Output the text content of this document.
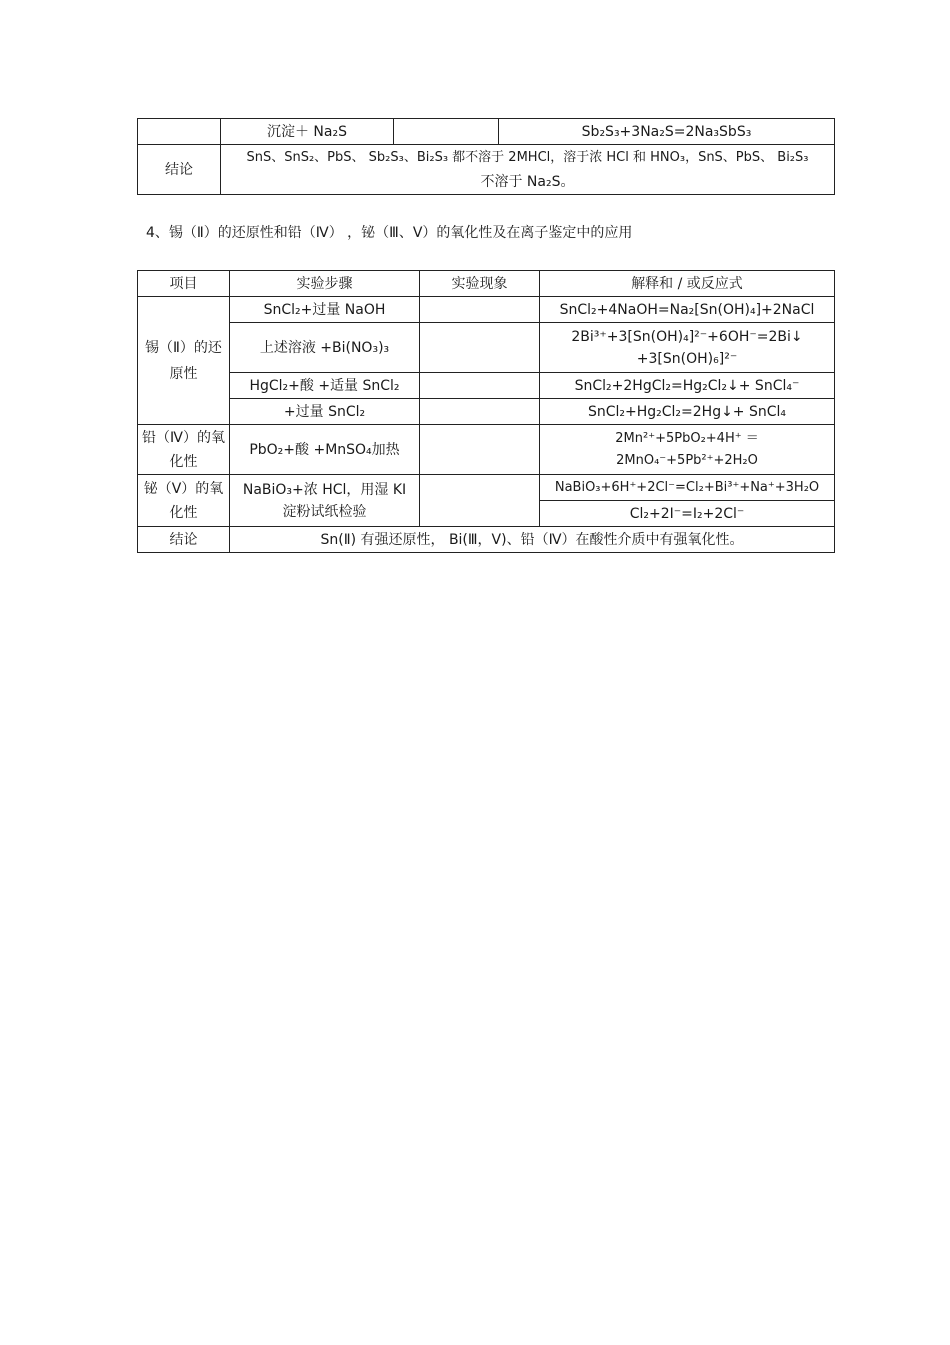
	沉淀＋ Na₂S		Sb₂S₃+3Na₂S=2Na₃SbS₃
结论	SnS、SnS₂、PbS、 Sb₂S₃、Bi₂S₃ 都不溶于 2MHCl，溶于浓 HCl 和 HNO₃，SnS、PbS、 Bi₂S₃
不溶于 Na₂S。		
4、锡（Ⅱ）的还原性和铅（Ⅳ） ，铋（Ⅲ、Ⅴ）的氧化性及在离子鉴定中的应用
项目	实验步骤	实验现象	解释和 / 或反应式
锡（Ⅱ）的还原性	SnCl₂+过量 NaOH		SnCl₂+4NaOH=Na₂[Sn(OH)₄]+2NaCl
	上述溶液 +Bi(NO₃)₃		2Bi³⁺+3[Sn(OH)₄]²⁻+6OH⁻=2Bi↓
+3[Sn(OH)₆]²⁻

	HgCl₂+酸 +适量 SnCl₂		SnCl₂+2HgCl₂=Hg₂Cl₂↓+ SnCl₄⁻
	+过量 SnCl₂		SnCl₂+Hg₂Cl₂=2Hg↓+ SnCl₄
铅（Ⅳ）的氧化性	PbO₂+酸 +MnSO₄加热		2Mn²⁺+5PbO₂+4H⁺ ＝ 2MnO₄⁻+5Pb²⁺+2H₂O
铋（Ⅴ）的氧化性	NaBiO₃+浓 HCl，用湿 KI
淀粉试纸检验		NaBiO₃+6H⁺+2Cl⁻=Cl₂+Bi³⁺+Na⁺+3H₂O
			Cl₂+2I⁻=I₂+2Cl⁻
结论	Sn(Ⅱ) 有强还原性， Bi(Ⅲ，Ⅴ)、铅（Ⅳ）在酸性介质中有强氧化性。		
